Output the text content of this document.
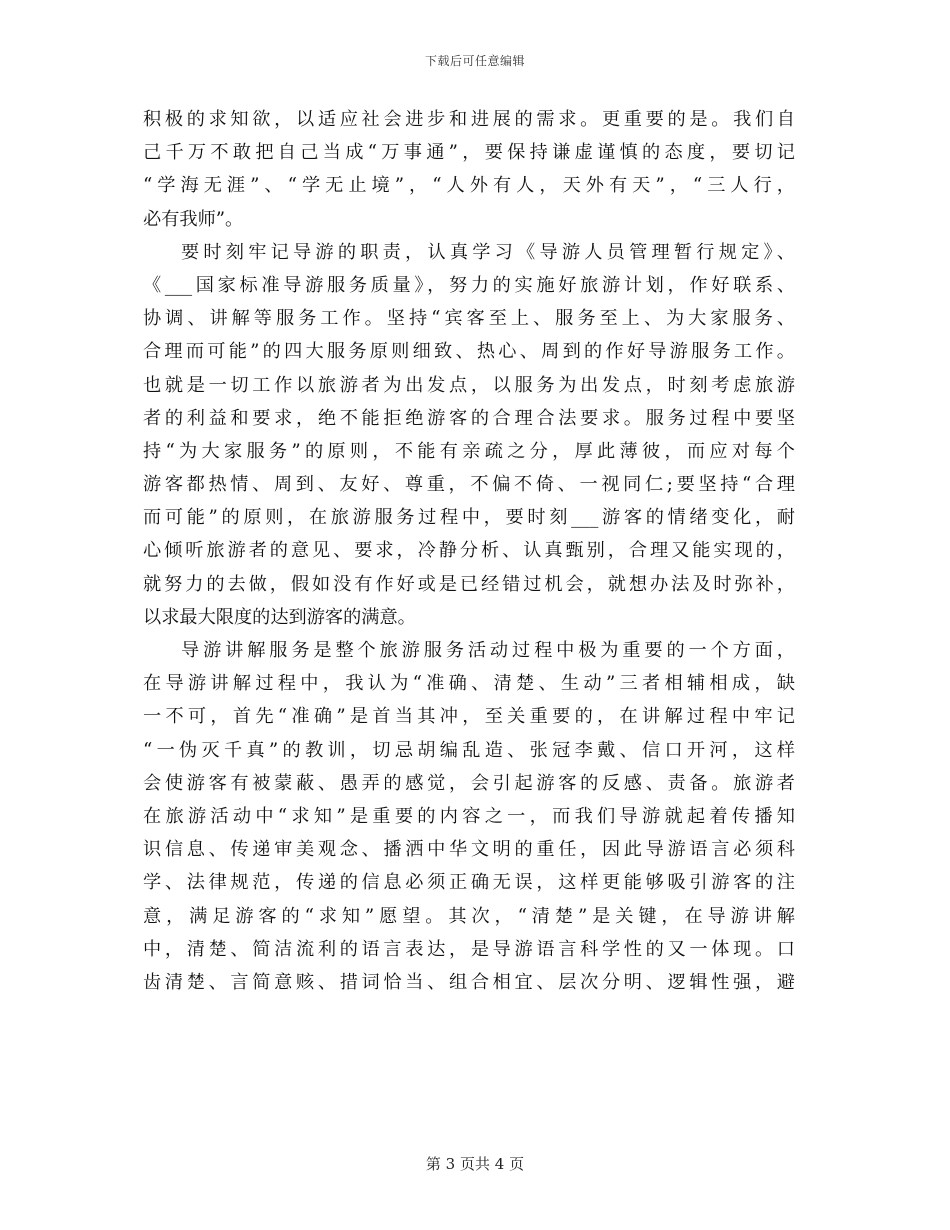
下载后可任意编辑
积极的求知欲，以适应社会进步和进展的需求。更重要的是。我们自
己千万不敢把自己当成“万事通”，要保持谦虚谨慎的态度，要切记
“学海无涯”、“学无止境”，“人外有人，天外有天”，“三人行，
必有我师”。
要时刻牢记导游的职责，认真学习《导游人员管理暂行规定》、
《___国家标准导游服务质量》，努力的实施好旅游计划，作好联系、
协调、讲解等服务工作。坚持“宾客至上、服务至上、为大家服务、
合理而可能”的四大服务原则细致、热心、周到的作好导游服务工作。
也就是一切工作以旅游者为出发点，以服务为出发点，时刻考虑旅游
者的利益和要求，绝不能拒绝游客的合理合法要求。服务过程中要坚
持“为大家服务”的原则，不能有亲疏之分，厚此薄彼，而应对每个
游客都热情、周到、友好、尊重，不偏不倚、一视同仁;要坚持“合理
而可能”的原则，在旅游服务过程中，要时刻___游客的情绪变化，耐
心倾听旅游者的意见、要求，冷静分析、认真甄别，合理又能实现的，
就努力的去做，假如没有作好或是已经错过机会，就想办法及时弥补，
以求最大限度的达到游客的满意。
导游讲解服务是整个旅游服务活动过程中极为重要的一个方面，
在导游讲解过程中，我认为“准确、清楚、生动”三者相辅相成，缺
一不可，首先“准确”是首当其冲，至关重要的，在讲解过程中牢记
“一伪灭千真”的教训，切忌胡编乱造、张冠李戴、信口开河，这样
会使游客有被蒙蔽、愚弄的感觉，会引起游客的反感、责备。旅游者
在旅游活动中“求知”是重要的内容之一，而我们导游就起着传播知
识信息、传递审美观念、播洒中华文明的重任，因此导游语言必须科
学、法律规范，传递的信息必须正确无误，这样更能够吸引游客的注
意，满足游客的“求知”愿望。其次，“清楚”是关键，在导游讲解
中，清楚、简洁流利的语言表达，是导游语言科学性的又一体现。口
齿清楚、言简意赅、措词恰当、组合相宜、层次分明、逻辑性强，避
第 3 页共 4 页
